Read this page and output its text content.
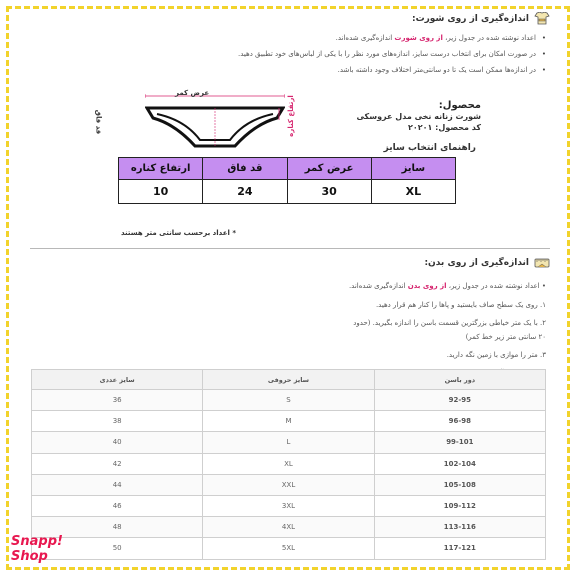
اندازه‌گیری از روی شورت:
• اعداد نوشته شده در جدول زیر، از روی شورت اندازه‌گیری شده‌اند.
• در صورت امکان برای انتخاب درست سایز، اندازه‌های مورد نظر را با یکی از لباس‌های خود تطبیق دهید.
• در اندازه‌ها ممکن است یک تا دو سانتی‌متر اختلاف وجود داشته باشد.
عرض کمر
قد فاق	ارتفاع کناره	محصول:
شورت زنانه نخی مدل عروسکی
کد محصول: ۲۰۲۰۱
راهنمای انتخاب سایز
سایز	عرض کمر	قد فاق	ارتفاع کناره
XL	30	24	10
* اعداد برحسب سانتی متر هستند
اندازه‌گیری از روی بدن:

• اعداد نوشته شده در جدول زیر، از روی بدن اندازه‌گیری شده‌اند.

۱. روی یک سطح صاف بایستید و پاها را کنار هم قرار دهید.

۲. با یک متر خیاطی بزرگترین قسمت باسن را اندازه بگیرید. (حدود

۲۰ سانتی متر زیر خط کمر)

۳. متر را موازی با زمین نگه دارید.

سایز عددی	سایز حروفی	دور باسن
36	S	92-95
38	M	96-98
40	L	99-101
42	XL	102-104
44	XXL	105-108
46	3XL	109-112
48	4XL	113-116
50	5XL	117-121
Snapp!
Shop
